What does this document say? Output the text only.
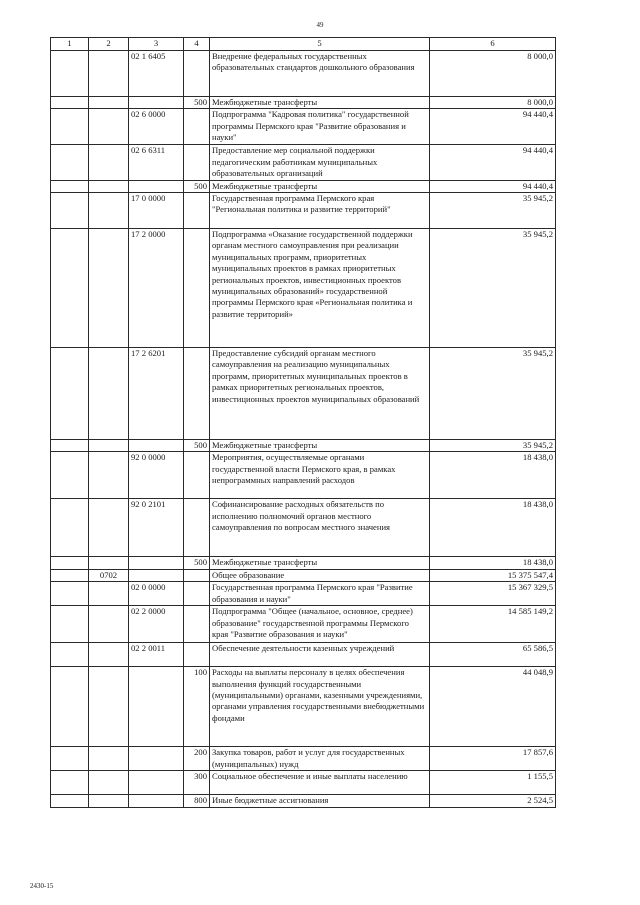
49
1	2	3	4	5	6
		02 1 6405		Внедрение федеральных государственных образовательных стандартов дошкольного образования	8 000,0
			500	Межбюджетные трансферты	8 000,0
		02 6 0000		Подпрограмма "Кадровая политика" государственной программы Пермского края "Развитие образования и науки"	94 440,4
		02 6 6311		Предоставление мер социальной поддержки педагогическим работникам муниципальных образовательных организаций	94 440,4
			500	Межбюджетные трансферты	94 440,4
		17 0 0000		Государственная программа Пермского края "Региональная политика и развитие территорий"	35 945,2
		17 2 0000		Подпрограмма «Оказание государственной поддержки органам местного самоуправления при реализации муниципальных программ, приоритетных муниципальных проектов в рамках приоритетных региональных проектов, инвестиционных проектов муниципальных образований» государственной программы Пермского края «Региональная политика и развитие территорий»	35 945,2
		17 2 6201		Предоставление субсидий органам местного самоуправления на реализацию муниципальных программ, приоритетных муниципальных проектов в рамках приоритетных региональных проектов, инвестиционных проектов муниципальных образований	35 945,2
			500	Межбюджетные трансферты	35 945,2
		92 0 0000		Мероприятия, осуществляемые органами государственной власти Пермского края, в рамках непрограммных направлений расходов	18 438,0
		92 0 2101		Софинансирование расходных обязательств по исполнению полномочий органов местного самоуправления по вопросам местного значения	18 438,0
			500	Межбюджетные трансферты	18 438,0
	0702			Общее образование	15 375 547,4
		02 0 0000		Государственная программа Пермского края "Развитие образования и науки"	15 367 329,5
		02 2 0000		Подпрограмма "Общее (начальное, основное, среднее) образование" государственной программы Пермского края "Развитие образования и науки"	14 585 149,2
		02 2 0011		Обеспечение деятельности казенных учреждений	65 586,5
			100	Расходы на выплаты персоналу в целях обеспечения выполнения функций государственными (муниципальными) органами, казенными учреждениями, органами управления государственными внебюджетными фондами	44 048,9
			200	Закупка товаров, работ и услуг для государственных (муниципальных) нужд	17 857,6
			300	Социальное обеспечение и иные выплаты населению	1 155,5
			800	Иные бюджетные ассигнования	2 524,5
2430-15
